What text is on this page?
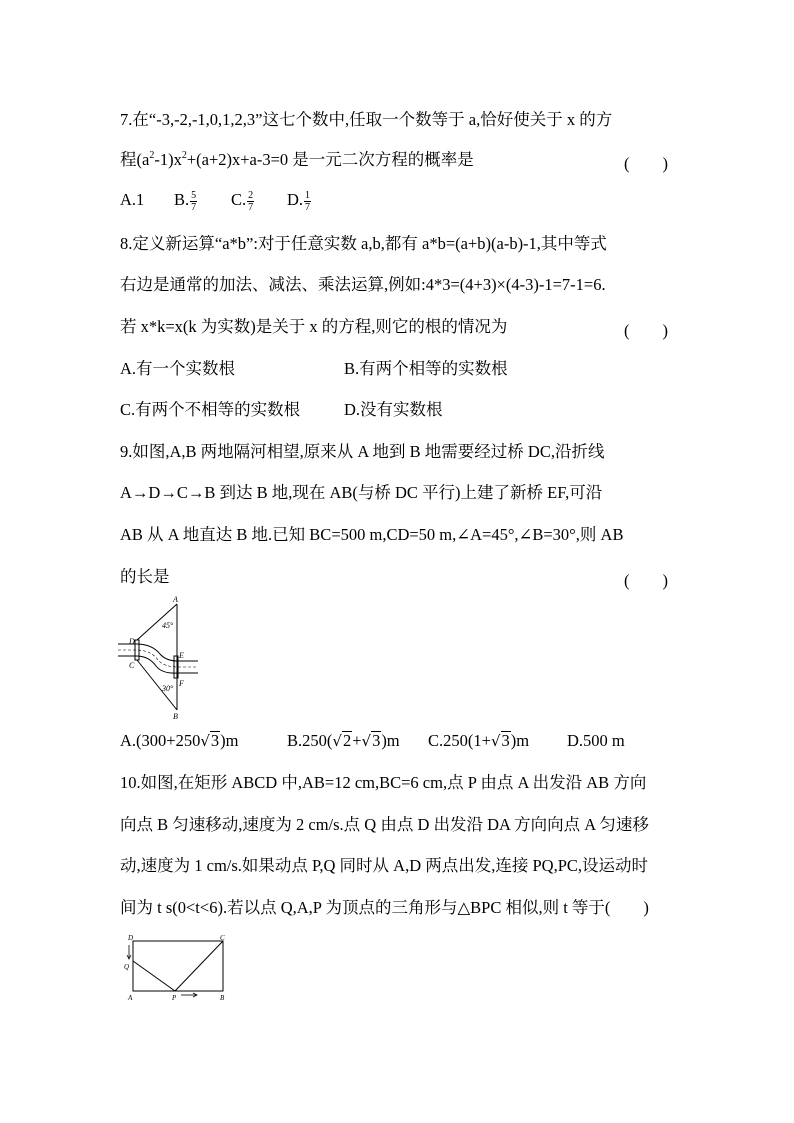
7.在“-3,-2,-1,0,1,2,3”这七个数中,任取一个数等于 a,恰好使关于 x 的方
程$(a^2-1)x^2+(a+2)x+a-3=0$ 是一元二次方程的概率是	(　　)
A.1 B. $\frac{5}{7} C$. $\frac{2}{7} D$. $\frac{1}{7}$
8.定义新运算“a*b”:对于任意实数 a,b,都有 a*b=(a+b)(a-b)-1,其中等式
右边是通常的加法、减法、乘法运算,例如:4*3=(4+3)×(4-3)-1=7-1=6.
若 x*k=x(k 为实数)是关于 x 的方程,则它的根的情况为	(　　)
A.有一个实数根	B.有两个相等的实数根
C.有两个不相等的实数根	D.没有实数根
9.如图,A,B 两地隔河相望,原来从 A 地到 B 地需要经过桥 DC,沿折线
A→D→C→B 到达 B 地,现在 AB(与桥 DC 平行)上建了新桥 EF,可沿
AB 从 A 地直达 B 地.已知 BC=500 m,CD=50 m,∠A=45°,∠B=30°,则 AB
的长是	(　　)
A
B
D
C
E
F
45°
30°
A.(300+250√3)m	B.250(√2+√3)m C.250(1+√3)m D.500 m
10.如图,在矩形 ABCD 中,AB=12 cm,BC=6 cm,点 P 由点 A 出发沿 AB 方向
向点 B 匀速移动,速度为 2 cm/s.点 Q 由点 D 出发沿 DA 方向向点 A 匀速移
动,速度为 1 cm/s.如果动点 P,Q 同时从 A,D 两点出发,连接 PQ,PC,设运动时
间为 t s(0<t<6).若以点 Q,A,P 为顶点的三角形与△BPC 相似,则 t 等于(　　)
D	C
Q
A	P	B
